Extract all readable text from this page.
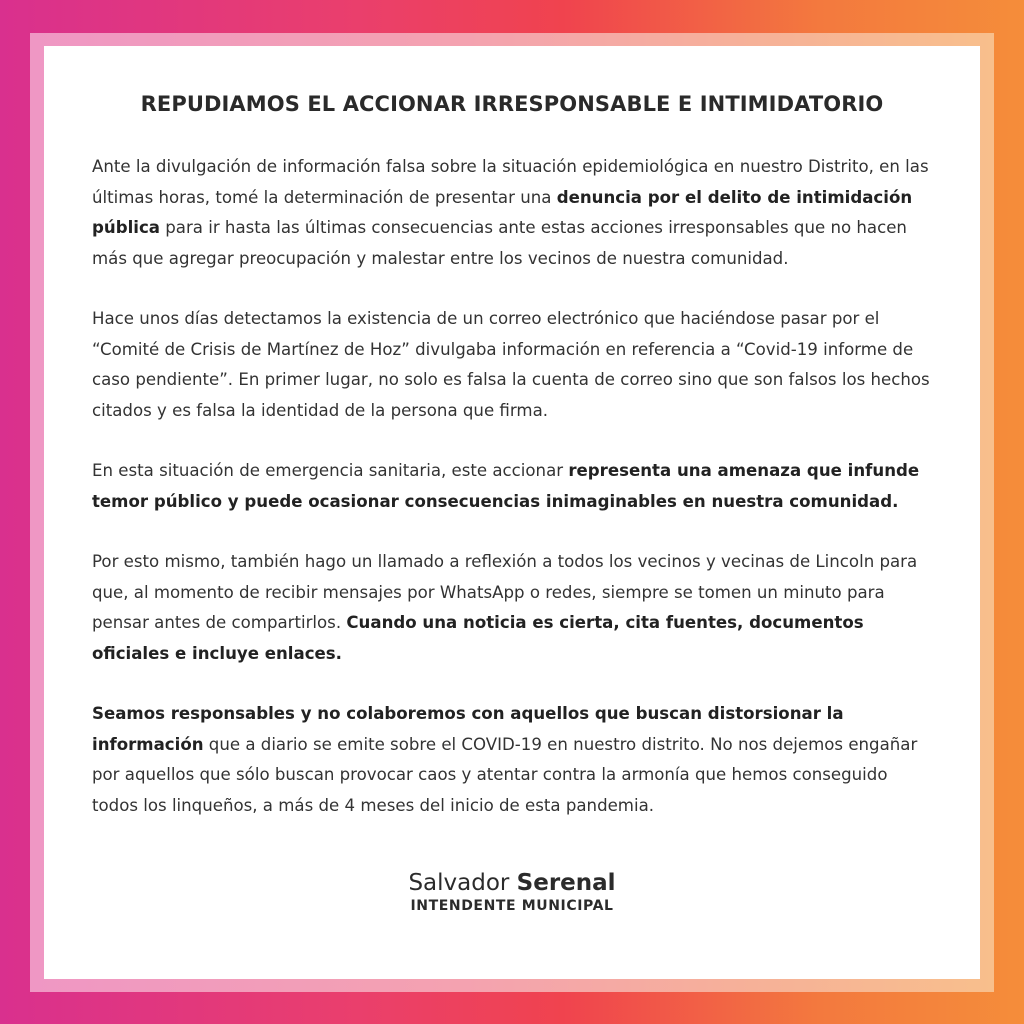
REPUDIAMOS EL ACCIONAR IRRESPONSABLE E INTIMIDATORIO

Ante la divulgación de información falsa sobre la situación epidemiológica en nuestro Distrito, en las últimas horas, tomé la determinación de presentar una denuncia por el delito de intimidación pública para ir hasta las últimas consecuencias ante estas acciones irresponsables que no hacen más que agregar preocupación y malestar entre los vecinos de nuestra comunidad.

Hace unos días detectamos la existencia de un correo electrónico que haciéndose pasar por el “Comité de Crisis de Martínez de Hoz” divulgaba información en referencia a “Covid-19 informe de caso pendiente”. En primer lugar, no solo es falsa la cuenta de correo sino que son falsos los hechos citados y es falsa la identidad de la persona que firma.

En esta situación de emergencia sanitaria, este accionar representa una amenaza que infunde temor público y puede ocasionar consecuencias inimaginables en nuestra comunidad.

Por esto mismo, también hago un llamado a reflexión a todos los vecinos y vecinas de Lincoln para que, al momento de recibir mensajes por WhatsApp o redes, siempre se tomen un minuto para pensar antes de compartirlos. Cuando una noticia es cierta, cita fuentes, documentos oficiales e incluye enlaces.

Seamos responsables y no colaboremos con aquellos que buscan distorsionar la información que a diario se emite sobre el COVID-19 en nuestro distrito. No nos dejemos engañar por aquellos que sólo buscan provocar caos y atentar contra la armonía que hemos conseguido todos los linqueños, a más de 4 meses del inicio de esta pandemia.

Salvador Serenal
INTENDENTE MUNICIPAL
